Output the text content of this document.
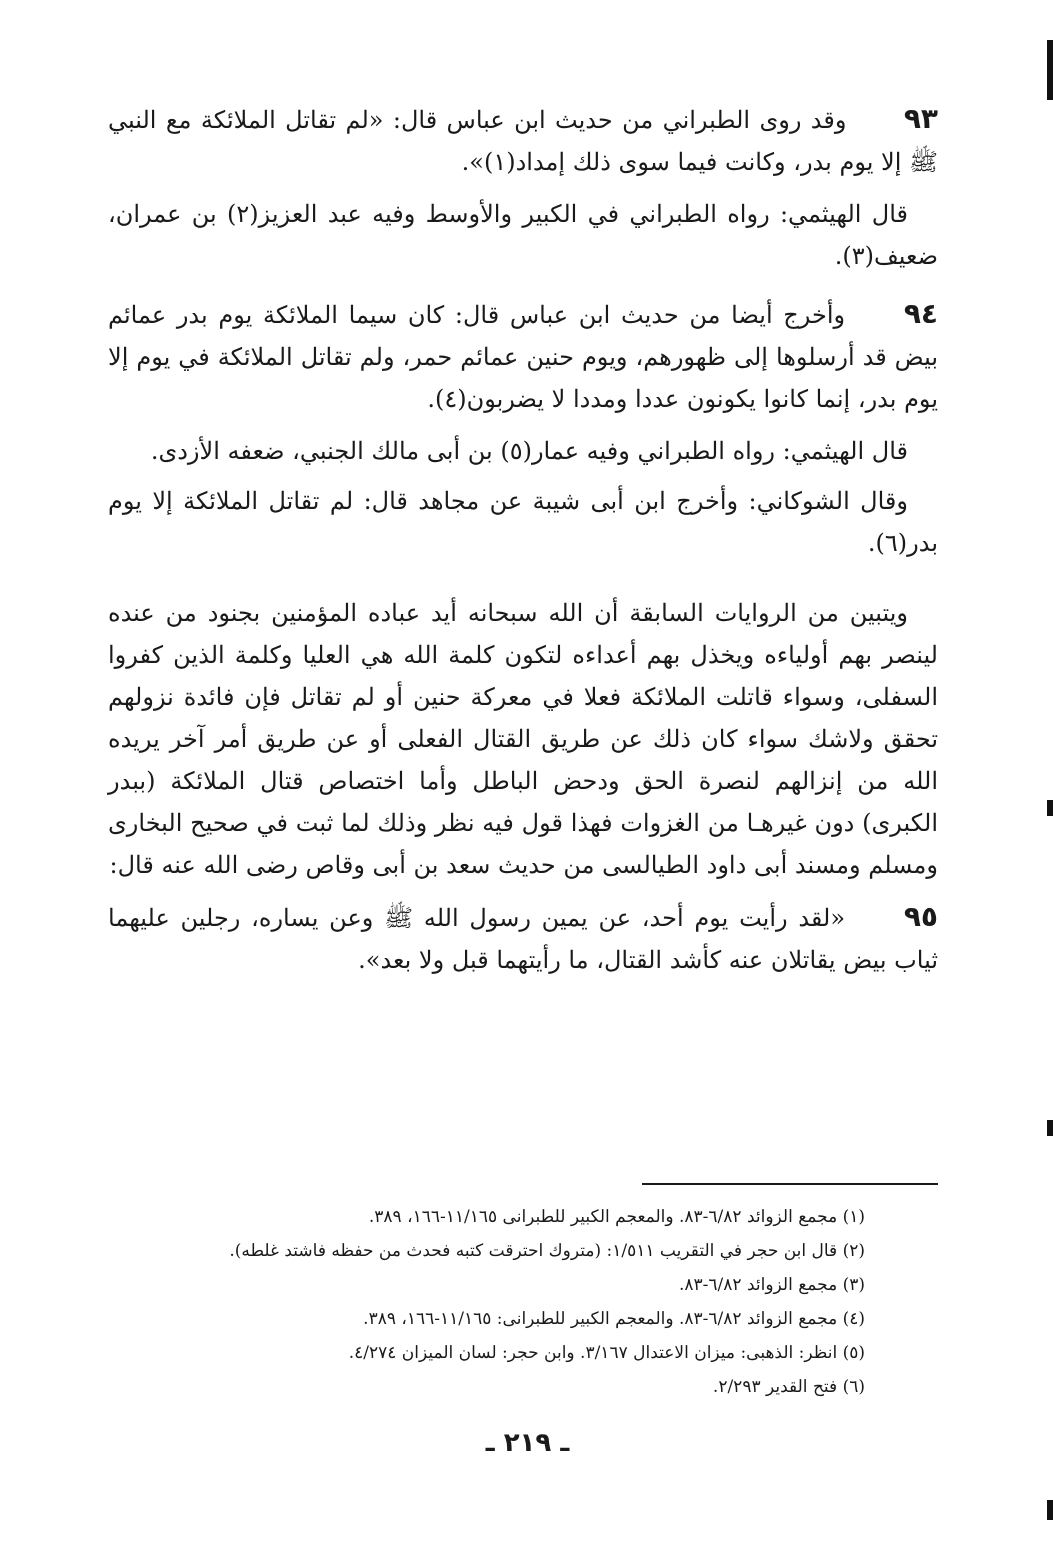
٩٣ وقد روى الطبراني من حديث ابن عباس قال: «لم تقاتل الملائكة مع النبي ﷺ إلا يوم بدر، وكانت فيما سوى ذلك إمداد(١)».

قال الهيثمي: رواه الطبراني في الكبير والأوسط وفيه عبد العزيز(٢) بن عمران، ضعيف(٣).

٩٤ وأخرج أيضا من حديث ابن عباس قال: كان سيما الملائكة يوم بدر عمائم بيض قد أرسلوها إلى ظهورهم، ويوم حنين عمائم حمر، ولم تقاتل الملائكة في يوم إلا يوم بدر، إنما كانوا يكونون عددا ومددا لا يضربون(٤).

قال الهيثمي: رواه الطبراني وفيه عمار(٥) بن أبى مالك الجنبي، ضعفه الأزدى.

وقال الشوكاني: وأخرج ابن أبى شيبة عن مجاهد قال: لم تقاتل الملائكة إلا يوم بدر(٦).

ويتبين من الروايات السابقة أن الله سبحانه أيد عباده المؤمنين بجنود من عنده لينصر بهم أولياءه ويخذل بهم أعداءه لتكون كلمة الله هي العليا وكلمة الذين كفروا السفلى، وسواء قاتلت الملائكة فعلا في معركة حنين أو لم تقاتل فإن فائدة نزولهم تحقق ولاشك سواء كان ذلك عن طريق القتال الفعلى أو عن طريق أمر آخر يريده الله من إنزالهم لنصرة الحق ودحض الباطل وأما اختصاص قتال الملائكة (ببدر الكبرى) دون غيرهـا من الغزوات فهذا قول فيه نظر وذلك لما ثبت في صحيح البخارى ومسلم ومسند أبى داود الطيالسى من حديث سعد بن أبى وقاص رضى الله عنه قال:

٩٥ «لقد رأيت يوم أحد، عن يمين رسول الله ﷺ وعن يساره، رجلين عليهما ثياب بيض يقاتلان عنه كأشد القتال، ما رأيتهما قبل ولا بعد».

(١) مجمع الزوائد ٦/٨٢-٨٣. والمعجم الكبير للطبرانى ١١/١٦٥-١٦٦، ٣٨٩.
(٢) قال ابن حجر في التقريب ١/٥١١: (متروك احترقت كتبه فحدث من حفظه فاشتد غلطه).
(٣) مجمع الزوائد ٦/٨٢-٨٣.
(٤) مجمع الزوائد ٦/٨٢-٨٣. والمعجم الكبير للطبرانى: ١١/١٦٥-١٦٦، ٣٨٩.
(٥) انظر: الذهبى: ميزان الاعتدال ٣/١٦٧. وابن حجر: لسان الميزان ٤/٢٧٤.
(٦) فتح القدير ٢/٢٩٣.
ـ ٢١٩ ـ
